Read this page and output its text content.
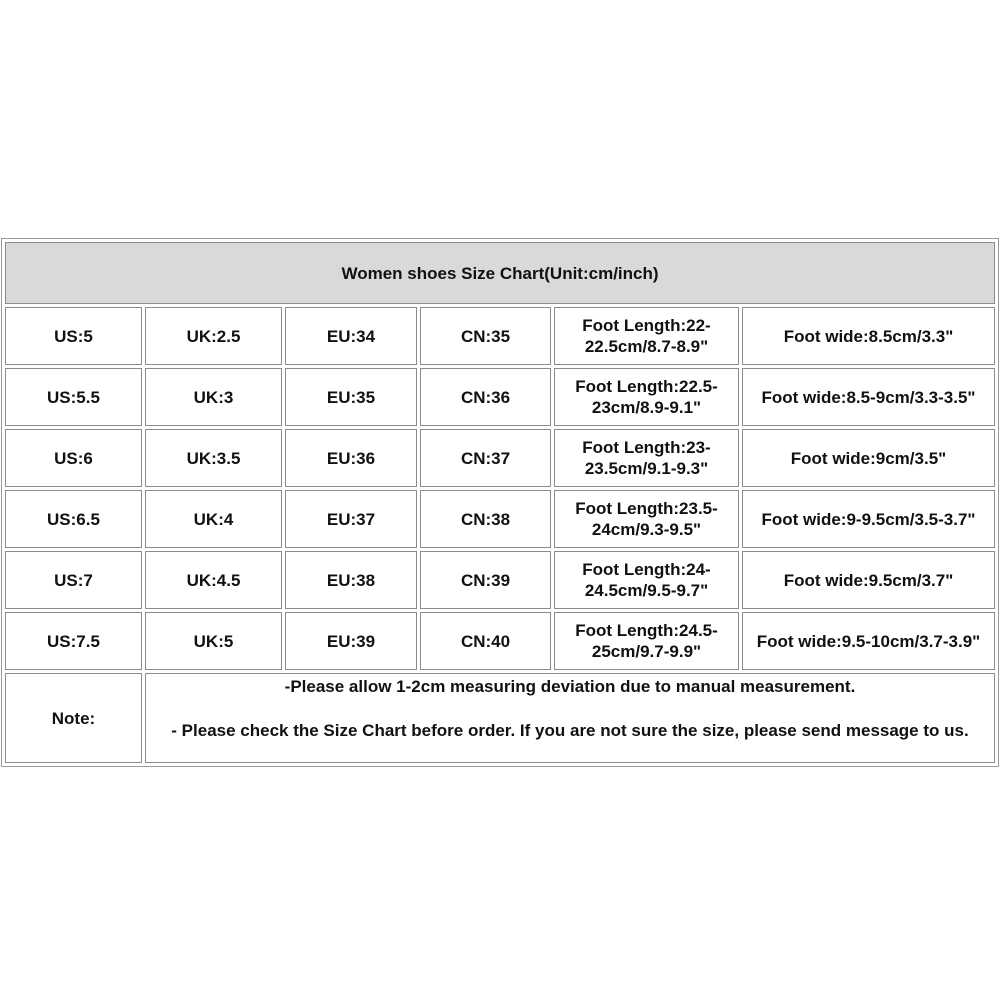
Women shoes Size Chart(Unit:cm/inch)					
US:5	UK:2.5	EU:34	CN:35	Foot Length:22-22.5cm/8.7-8.9"	Foot wide:8.5cm/3.3"
US:5.5	UK:3	EU:35	CN:36	Foot Length:22.5-23cm/8.9-9.1"	Foot wide:8.5-9cm/3.3-3.5"
US:6	UK:3.5	EU:36	CN:37	Foot Length:23-23.5cm/9.1-9.3"	Foot wide:9cm/3.5"
US:6.5	UK:4	EU:37	CN:38	Foot Length:23.5-24cm/9.3-9.5"	Foot wide:9-9.5cm/3.5-3.7"
US:7	UK:4.5	EU:38	CN:39	Foot Length:24-24.5cm/9.5-9.7"	Foot wide:9.5cm/3.7"
US:7.5	UK:5	EU:39	CN:40	Foot Length:24.5-25cm/9.7-9.9"	Foot wide:9.5-10cm/3.7-3.9"
Note:	-Please allow 1-2cm measuring deviation due to manual measurement.
- Please check the Size Chart before order. If you are not sure the size, please send message to us.				
